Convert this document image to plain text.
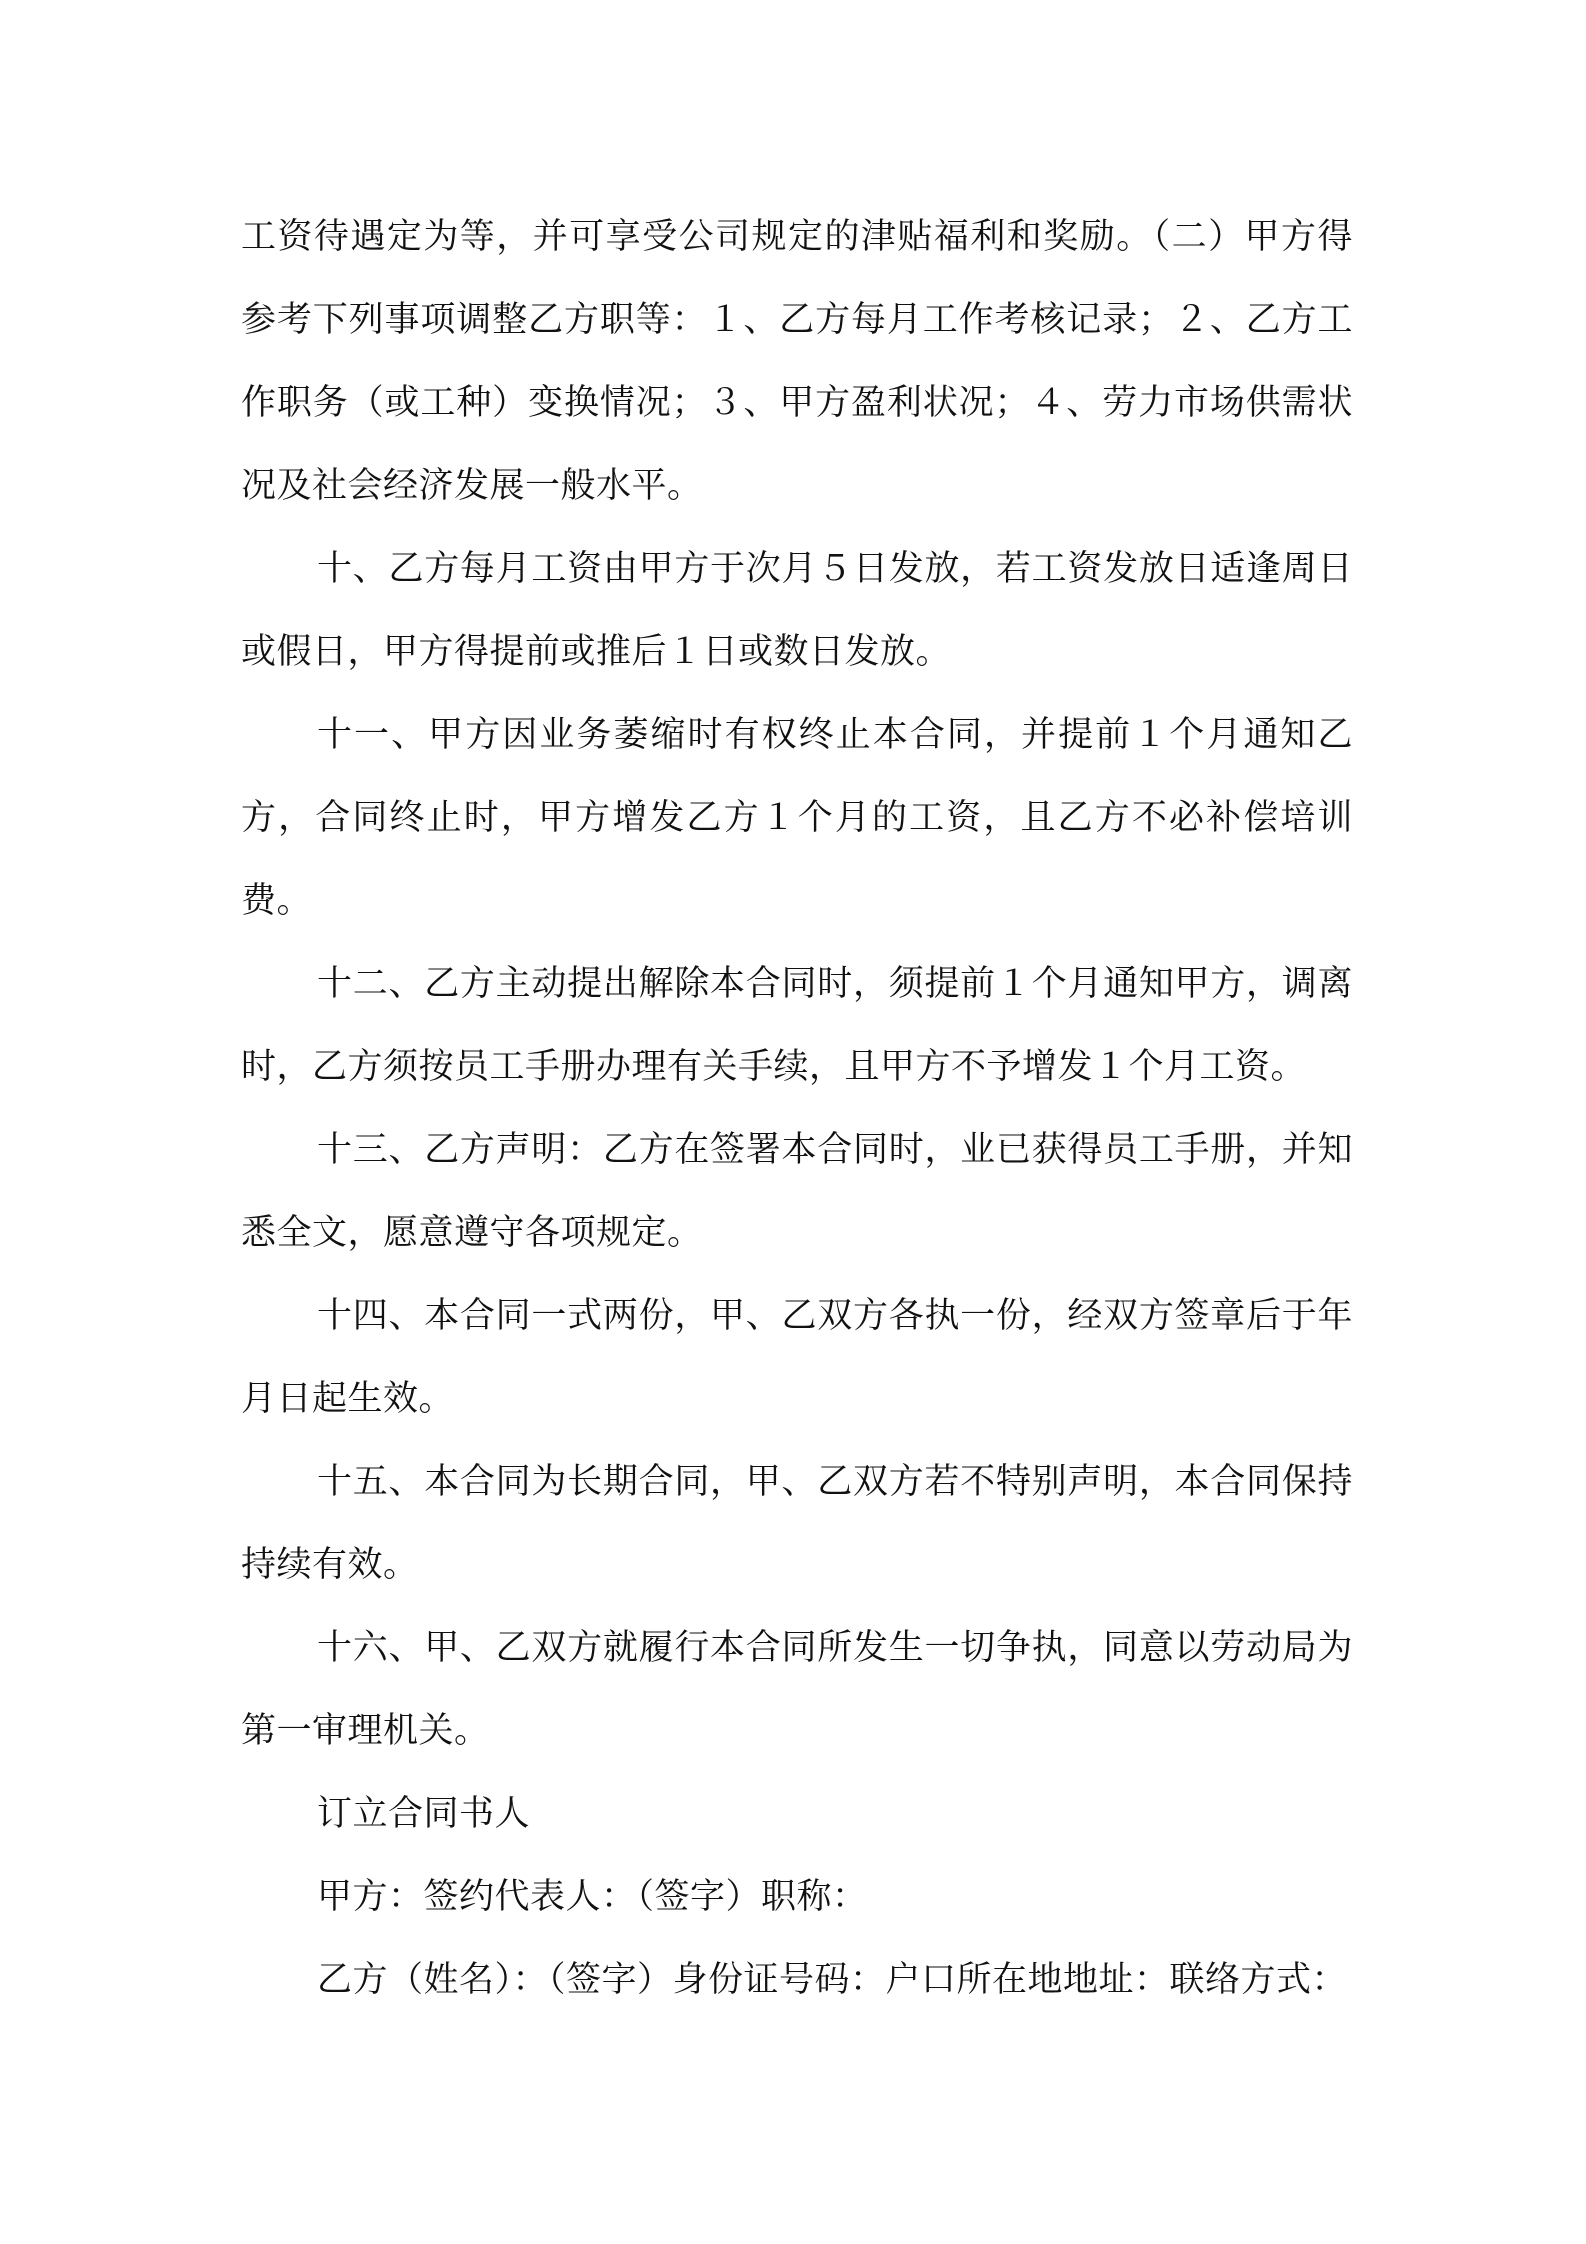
工资待遇定为等，并可享受公司规定的津贴福利和奖励。（二）甲方得参考下列事项调整乙方职等：１、乙方每月工作考核记录；２、乙方工作职务（或工种）变换情况；３、甲方盈利状况；４、劳力市场供需状况及社会经济发展一般水平。

十、乙方每月工资由甲方于次月５日发放，若工资发放日适逢周日或假日，甲方得提前或推后１日或数日发放。

十一、甲方因业务萎缩时有权终止本合同，并提前１个月通知乙方，合同终止时，甲方增发乙方１个月的工资，且乙方不必补偿培训费。

十二、乙方主动提出解除本合同时，须提前１个月通知甲方，调离时，乙方须按员工手册办理有关手续，且甲方不予增发１个月工资。

十三、乙方声明：乙方在签署本合同时，业已获得员工手册，并知悉全文，愿意遵守各项规定。

十四、本合同一式两份，甲、乙双方各执一份，经双方签章后于年月日起生效。

十五、本合同为长期合同，甲、乙双方若不特别声明，本合同保持持续有效。

十六、甲、乙双方就履行本合同所发生一切争执，同意以劳动局为第一审理机关。

订立合同书人

甲方：签约代表人：（签字）职称：

乙方（姓名）：（签字）身份证号码：户口所在地地址：联络方式：
